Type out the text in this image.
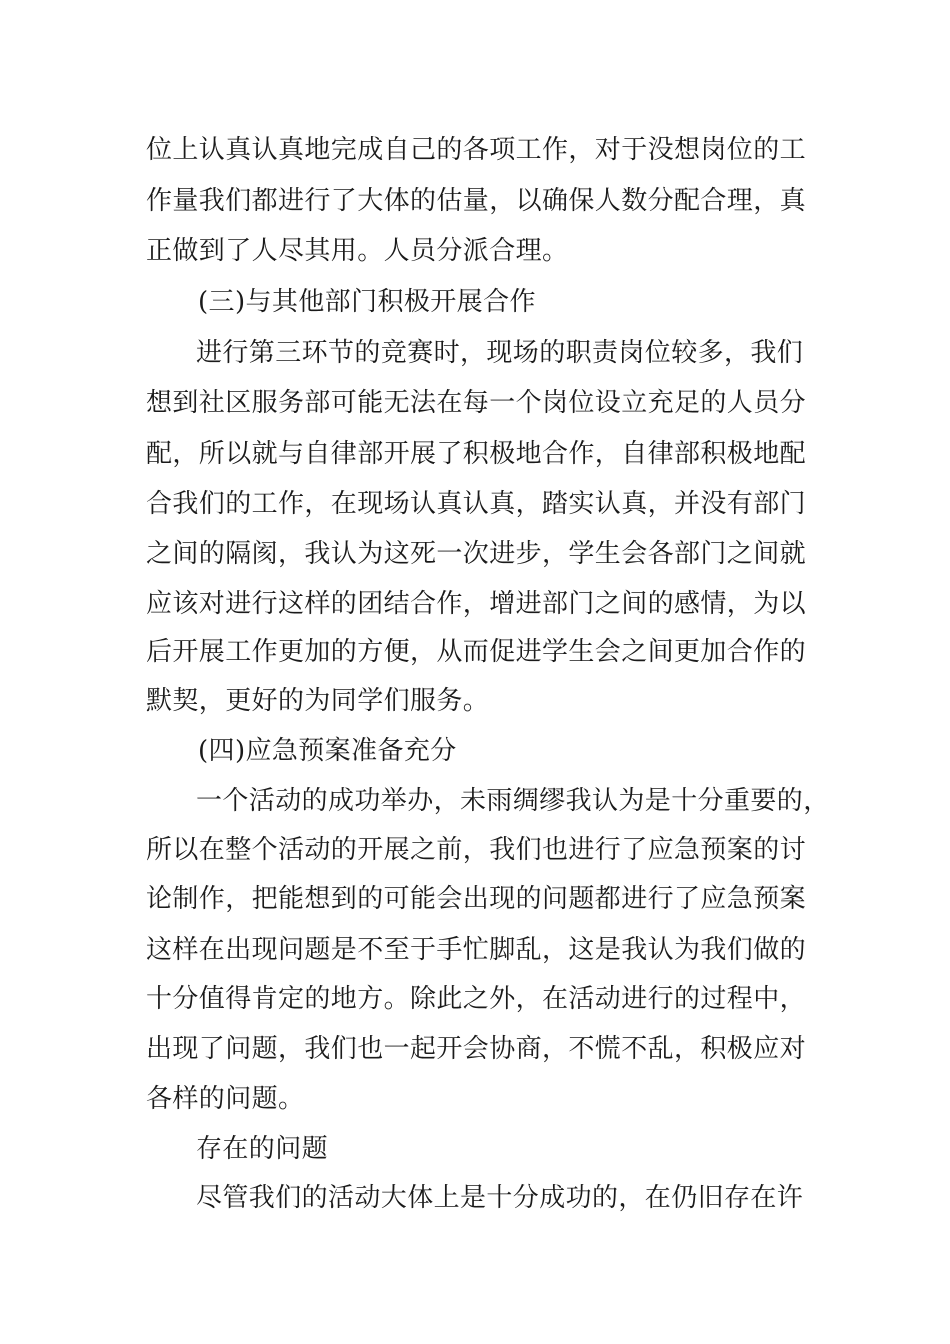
位上认真认真地完成自己的各项工作，对于没想岗位的工
作量我们都进行了大体的估量，以确保人数分配合理，真
正做到了人尽其用。人员分派合理。
(三)与其他部门积极开展合作
进行第三环节的竞赛时，现场的职责岗位较多，我们
想到社区服务部可能无法在每一个岗位设立充足的人员分
配，所以就与自律部开展了积极地合作，自律部积极地配
合我们的工作，在现场认真认真，踏实认真，并没有部门
之间的隔阂，我认为这死一次进步，学生会各部门之间就
应该对进行这样的团结合作，增进部门之间的感情，为以
后开展工作更加的方便，从而促进学生会之间更加合作的
默契，更好的为同学们服务。
(四)应急预案准备充分
一个活动的成功举办，未雨绸缪我认为是十分重要的，
所以在整个活动的开展之前，我们也进行了应急预案的讨
论制作，把能想到的可能会出现的问题都进行了应急预案
这样在出现问题是不至于手忙脚乱，这是我认为我们做的
十分值得肯定的地方。除此之外，在活动进行的过程中，
出现了问题，我们也一起开会协商，不慌不乱，积极应对
各样的问题。
存在的问题
尽管我们的活动大体上是十分成功的，在仍旧存在许
